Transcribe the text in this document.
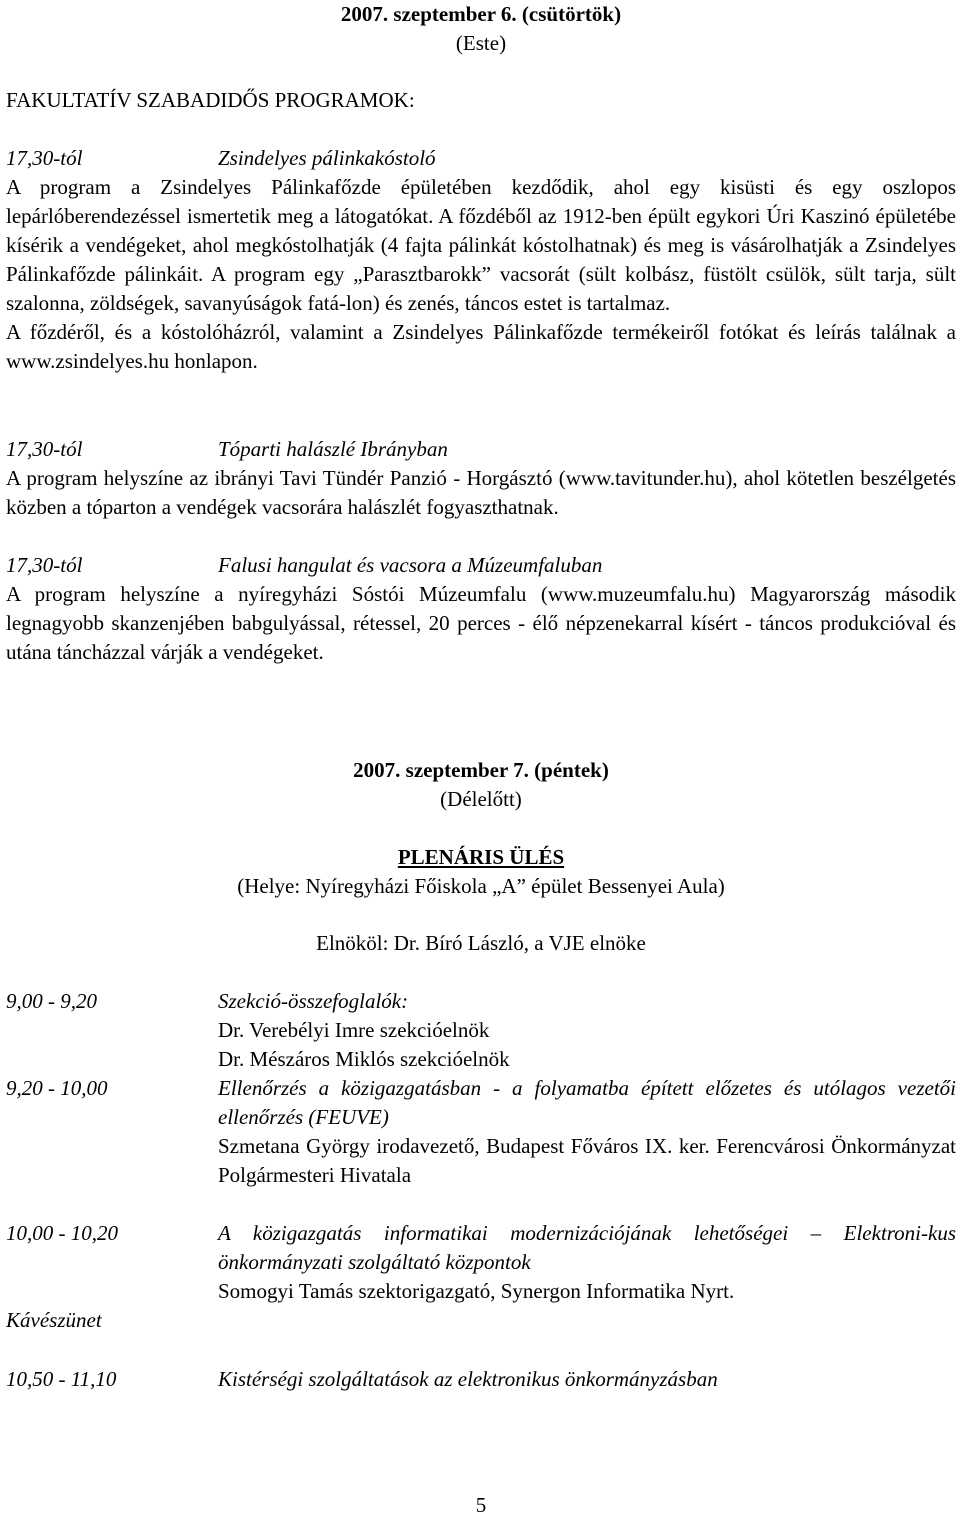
2007. szeptember 6. (csütörtök)
(Este)
FAKULTATÍV SZABADIDŐS PROGRAMOK:
17,30-tól	Zsindelyes pálinkakóstoló
A program a Zsindelyes Pálinkafőzde épületében kezdődik, ahol egy kisüsti és egy oszlopos lepárlóberendezéssel ismertetik meg a látogatókat. A főzdéből az 1912-ben épült egykori Úri Kaszinó épületébe kísérik a vendégeket, ahol megkóstolhatják (4 fajta pálinkát kóstolhatnak) és meg is vásárolhatják a Zsindelyes Pálinkafőzde pálinkáit. A program egy „Parasztbarokk” vacsorát (sült kolbász, füstölt csülök, sült tarja, sült szalonna, zöldségek, savanyúságok fatá-lon) és zenés, táncos estet is tartalmaz.
A főzdéről, és a kóstolóházról, valamint a Zsindelyes Pálinkafőzde termékeiről fotókat és leírás találnak a www.zsindelyes.hu honlapon.
17,30-tól	Tóparti halászlé Ibrányban
A program helyszíne az ibrányi Tavi Tündér Panzió - Horgásztó (www.tavitunder.hu), ahol kötetlen beszélgetés közben a tóparton a vendégek vacsorára halászlét fogyaszthatnak.
17,30-tól	Falusi hangulat és vacsora a Múzeumfaluban
A program helyszíne a nyíregyházi Sóstói Múzeumfalu (www.muzeumfalu.hu) Magyarország második legnagyobb skanzenjében babgulyással, rétessel, 20 perces - élő népzenekarral kísért - táncos produkcióval és utána táncházzal várják a vendégeket.
2007. szeptember 7. (péntek)
(Délelőtt)
PLENÁRIS ÜLÉS
(Helye: Nyíregyházi Főiskola „A” épület Bessenyei Aula)
Elnököl: Dr. Bíró László, a VJE elnöke
9,00 - 9,20	Szekció-összefoglalók:
Dr. Verebélyi Imre szekcióelnök
Dr. Mészáros Miklós szekcióelnök
9,20 - 10,00	Ellenőrzés a közigazgatásban - a folyamatba épített előzetes és utólagos vezetői ellenőrzés (FEUVE)
Szmetana György irodavezető, Budapest Főváros IX. ker. Ferencvárosi Önkormányzat Polgármesteri Hivatala
10,00 - 10,20	A közigazgatás informatikai modernizációjának lehetőségei – Elektroni-kus önkormányzati szolgáltató központok
Somogyi Tamás szektorigazgató, Synergon Informatika Nyrt.
Kávészünet
10,50 - 11,10	Kistérségi szolgáltatások az elektronikus önkormányzásban
5
